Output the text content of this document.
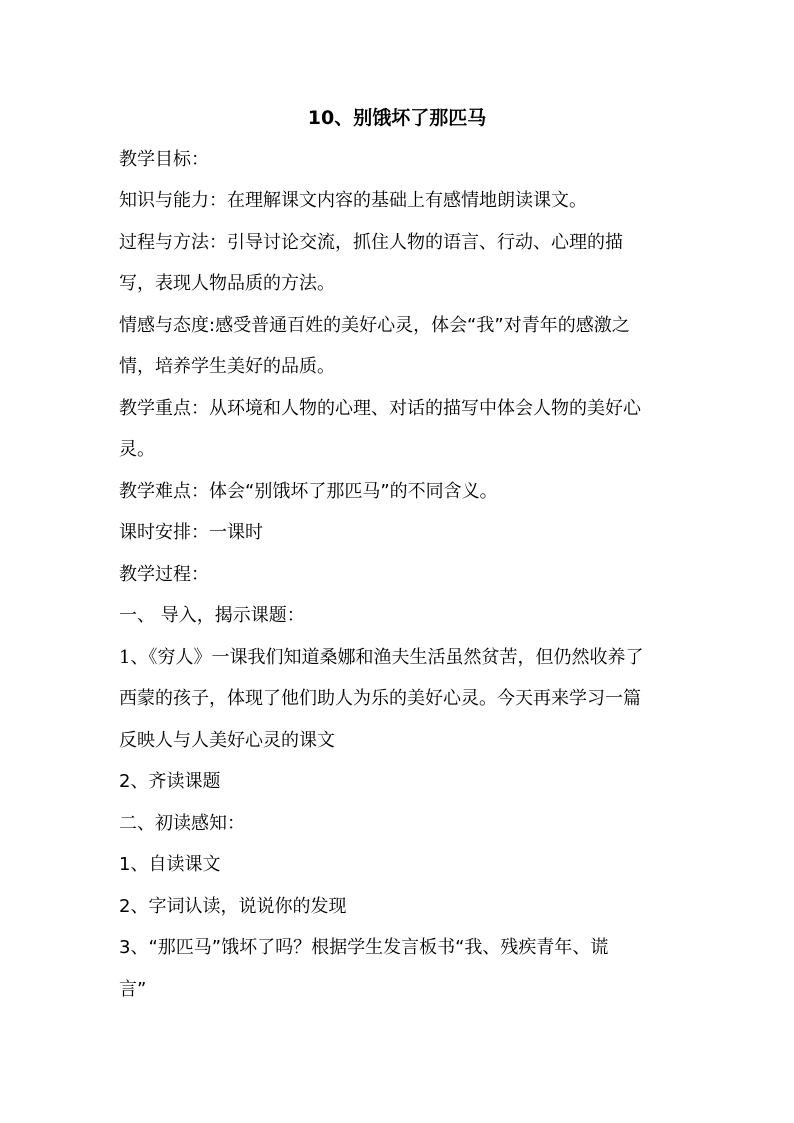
10、别饿坏了那匹马
教学目标：
知识与能力：在理解课文内容的基础上有感情地朗读课文。
过程与方法：引导讨论交流，抓住人物的语言、行动、心理的描
写，表现人物品质的方法。
情感与态度:感受普通百姓的美好心灵，体会“我”对青年的感激之
情，培养学生美好的品质。
教学重点：从环境和人物的心理、对话的描写中体会人物的美好心
灵。
教学难点：体会“别饿坏了那匹马”的不同含义。
课时安排：一课时
教学过程：
一、 导入，揭示课题：
1、《穷人》一课我们知道桑娜和渔夫生活虽然贫苦，但仍然收养了
西蒙的孩子，体现了他们助人为乐的美好心灵。今天再来学习一篇
反映人与人美好心灵的课文
2、齐读课题
二、初读感知：
1、自读课文
2、字词认读，说说你的发现
3、“那匹马”饿坏了吗？根据学生发言板书“我、残疾青年、谎
言”
